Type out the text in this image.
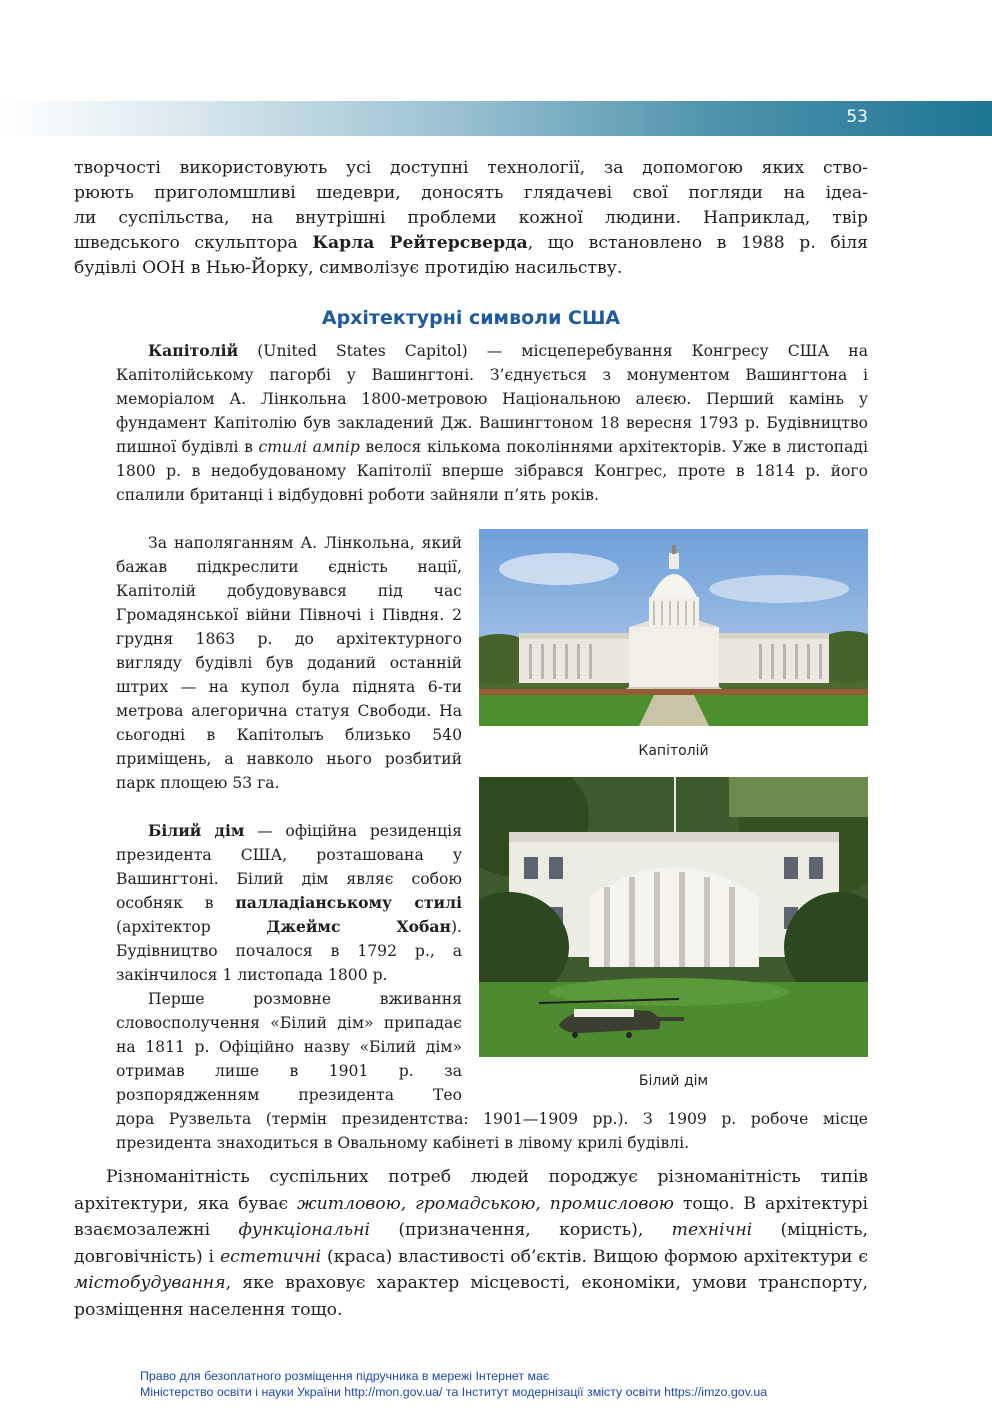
53

творчості використовують усі доступні технології, за допомогою яких ство-

рюють приголомшливі шедеври, доносять глядачеві свої погляди на ідеа-

ли суспільства, на внутрішні проблеми кожної людини. Наприклад, твір

шведського скульптора Карла Рейтерсверда, що встановлено в 1988 р. біля

будівлі ООН в Нью-Йорку, символізує протидію насильству.

Архітектурні символи США

Капітолій (United States Capitol) — місцеперебування Конгресу США на Капітолійському пагорбі у Вашингтоні. З’єднується з монументом Вашингтона і меморіалом А. Лінкольна 1800-метровою Національною алеєю. Перший камінь у фундамент Капітолію був закладений Дж. Вашингтоном 18 вересня 1793 р. Будівництво пишної будівлі в стилі ампір велося кількома поколіннями архітекторів. Уже в листопаді 1800 р. в недобудованому Капітолії вперше зібрався Конгрес, проте в 1814 р. його спалили британці і відбудовні роботи зайняли п’ять років.

За наполяганням А. Лінкольна, який бажав підкреслити єдність нації, Капітолій добудовувався під час Громадянської війни Півночі і Півдня. 2 грудня 1863 р. до архітектурного вигляду будівлі був доданий останній штрих — на купол була піднята 6-ти метрова алегорична статуя Свободи. На сьогодні в Капітолыъ близько 540 приміщень, а навколо нього розбитий парк площею 53 га.

Білий дім — офіційна резиденція президента США, розташована у Вашингтоні. Білий дім являє собою особняк в палладіанському стилі (архітектор Джеймс Хобан). Будівництво почалося в 1792 р., а закінчилося 1 листопада 1800 р.

Перше розмовне вживання словосполучення «Білий дім» припадає на 1811 р. Офіційно назву «Білий дім» отримав лише в 1901 р. за розпорядженням президента Тео

дора Рузвельта (термін президентства: 1901—1909 рр.). З 1909 р. робоче місце президента знаходиться в Овальному кабінеті в лівому крилі будівлі.

Капітолій
Білий дім

Різноманітність суспільних потреб людей породжує різноманітність типів архітектури, яка буває житловою, громадською, промисловою тощо. В архітектурі взаємозалежні функціональні (призначення, користь), технічні (міцність, довговічність) і естетичні (краса) властивості об’єктів. Вищою формою архітектури є містобудування, яке враховує характер місцевості, економіки, умови транспорту, розміщення населення тощо.

Право для безоплатного розміщення підручника в мережі Інтернет має
Міністерство освіти і науки України http://mon.gov.ua/ та Інститут модернізації змісту освіти https://imzo.gov.ua
